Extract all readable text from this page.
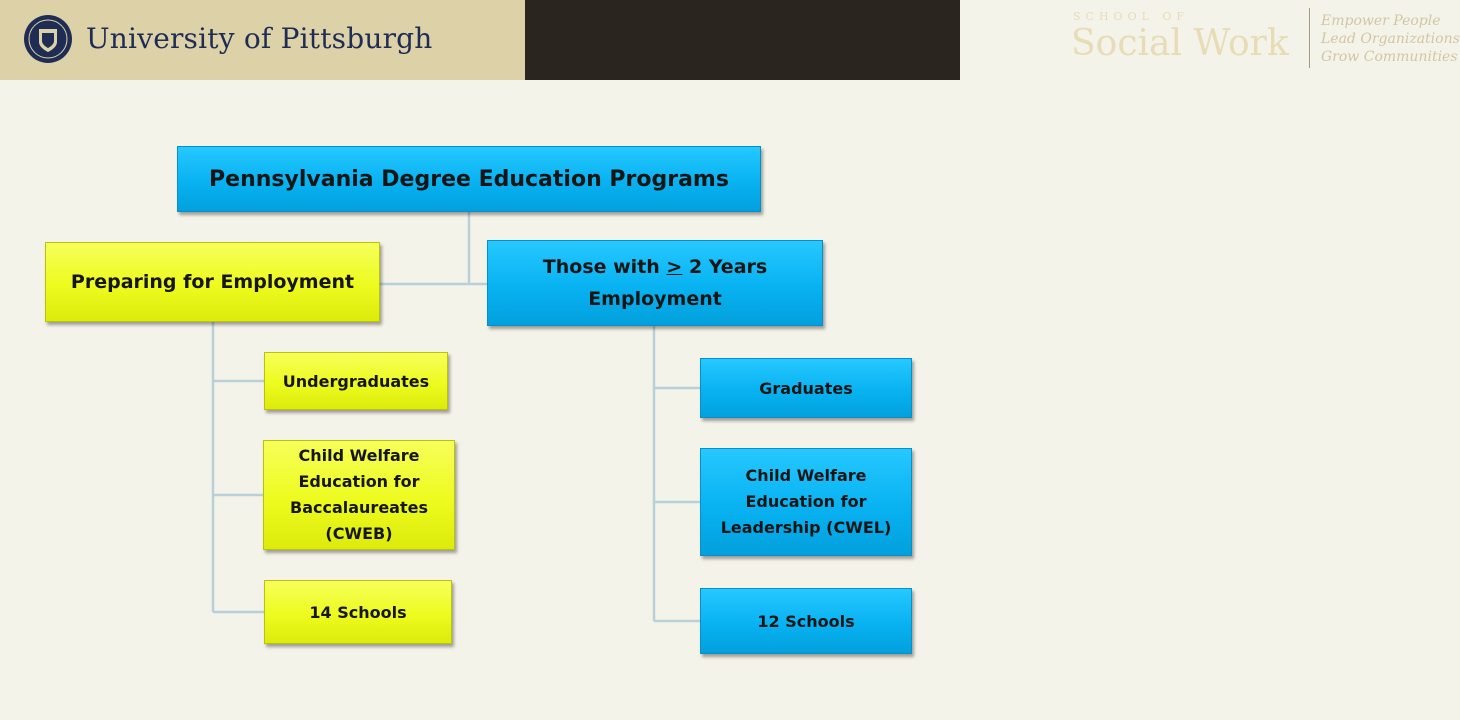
University of Pittsburgh
SCHOOL OF
Social Work
Empower People
Lead Organizations
Grow Communities
Pennsylvania Degree Education Programs
Preparing for Employment
Those with ≥ 2 Years Employment
Undergraduates
Child Welfare Education for Baccalaureates (CWEB)
14 Schools
Graduates
Child Welfare Education for Leadership (CWEL)
12 Schools
